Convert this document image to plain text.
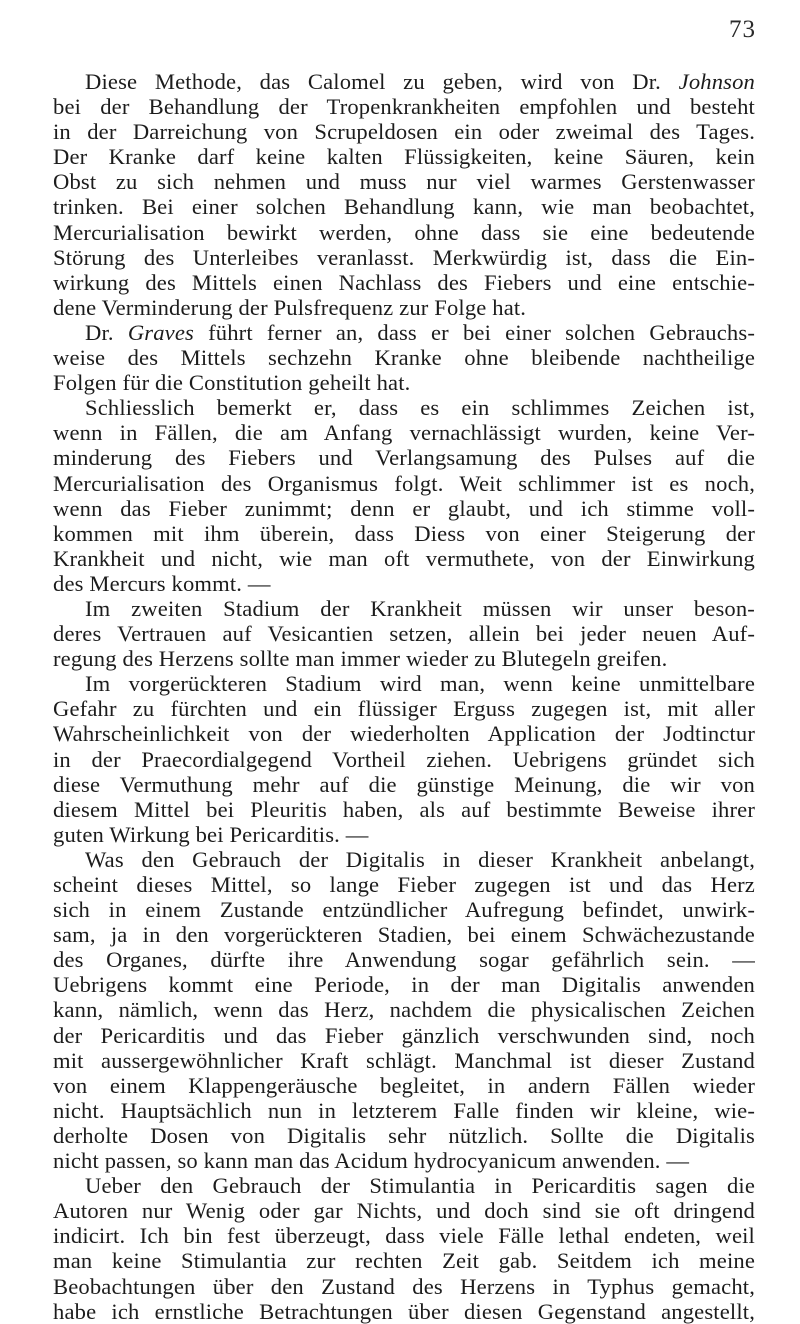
73
Diese Methode, das Calomel zu geben, wird von Dr. Johnson
bei der Behandlung der Tropenkrankheiten empfohlen und besteht
in der Darreichung von Scrupeldosen ein oder zweimal des Tages.
Der Kranke darf keine kalten Flüssigkeiten, keine Säuren, kein
Obst zu sich nehmen und muss nur viel warmes Gerstenwasser
trinken. Bei einer solchen Behandlung kann, wie man beobachtet,
Mercurialisation bewirkt werden, ohne dass sie eine bedeutende
Störung des Unterleibes veranlasst. Merkwürdig ist, dass die Ein-
wirkung des Mittels einen Nachlass des Fiebers und eine entschie-
dene Verminderung der Pulsfrequenz zur Folge hat.
Dr. Graves führt ferner an, dass er bei einer solchen Gebrauchs-
weise des Mittels sechzehn Kranke ohne bleibende nachtheilige
Folgen für die Constitution geheilt hat.
Schliesslich bemerkt er, dass es ein schlimmes Zeichen ist,
wenn in Fällen, die am Anfang vernachlässigt wurden, keine Ver-
minderung des Fiebers und Verlangsamung des Pulses auf die
Mercurialisation des Organismus folgt. Weit schlimmer ist es noch,
wenn das Fieber zunimmt; denn er glaubt, und ich stimme voll-
kommen mit ihm überein, dass Diess von einer Steigerung der
Krankheit und nicht, wie man oft vermuthete, von der Einwirkung
des Mercurs kommt. —
Im zweiten Stadium der Krankheit müssen wir unser beson-
deres Vertrauen auf Vesicantien setzen, allein bei jeder neuen Auf-
regung des Herzens sollte man immer wieder zu Blutegeln greifen.
Im vorgerückteren Stadium wird man, wenn keine unmittelbare
Gefahr zu fürchten und ein flüssiger Erguss zugegen ist, mit aller
Wahrscheinlichkeit von der wiederholten Application der Jodtinctur
in der Praecordialgegend Vortheil ziehen. Uebrigens gründet sich
diese Vermuthung mehr auf die günstige Meinung, die wir von
diesem Mittel bei Pleuritis haben, als auf bestimmte Beweise ihrer
guten Wirkung bei Pericarditis. —
Was den Gebrauch der Digitalis in dieser Krankheit anbelangt,
scheint dieses Mittel, so lange Fieber zugegen ist und das Herz
sich in einem Zustande entzündlicher Aufregung befindet, unwirk-
sam, ja in den vorgerückteren Stadien, bei einem Schwächezustande
des Organes, dürfte ihre Anwendung sogar gefährlich sein. —
Uebrigens kommt eine Periode, in der man Digitalis anwenden
kann, nämlich, wenn das Herz, nachdem die physicalischen Zeichen
der Pericarditis und das Fieber gänzlich verschwunden sind, noch
mit aussergewöhnlicher Kraft schlägt. Manchmal ist dieser Zustand
von einem Klappengeräusche begleitet, in andern Fällen wieder
nicht. Hauptsächlich nun in letzterem Falle finden wir kleine, wie-
derholte Dosen von Digitalis sehr nützlich. Sollte die Digitalis
nicht passen, so kann man das Acidum hydrocyanicum anwenden. —
Ueber den Gebrauch der Stimulantia in Pericarditis sagen die
Autoren nur Wenig oder gar Nichts, und doch sind sie oft dringend
indicirt. Ich bin fest überzeugt, dass viele Fälle lethal endeten, weil
man keine Stimulantia zur rechten Zeit gab. Seitdem ich meine
Beobachtungen über den Zustand des Herzens in Typhus gemacht,
habe ich ernstliche Betrachtungen über diesen Gegenstand angestellt,
